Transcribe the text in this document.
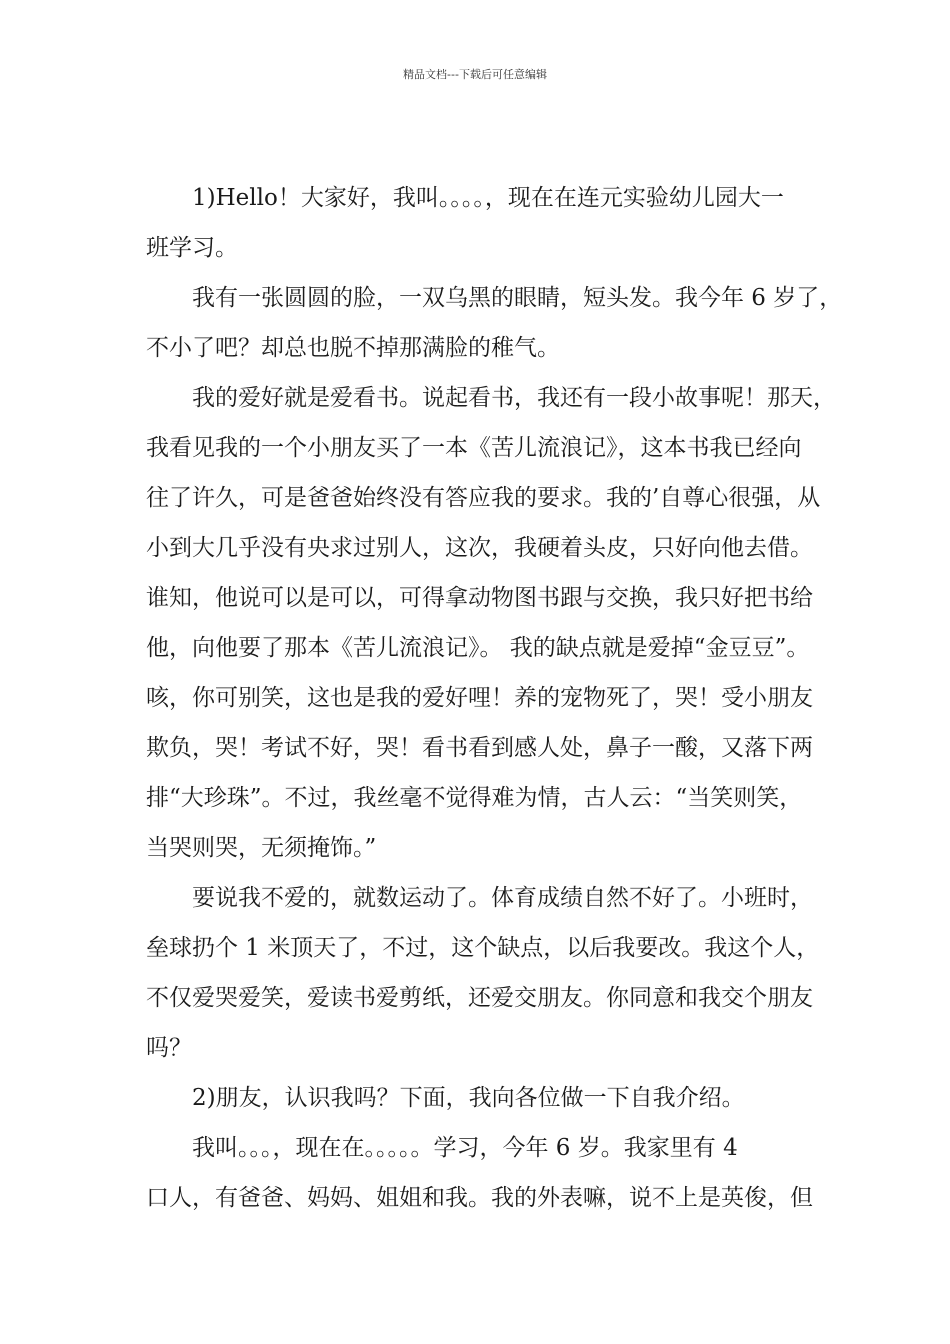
精品文档---下载后可任意编辑
1)Hello！大家好，我叫。。。。，现在在连元实验幼儿园大一
班学习。
我有一张圆圆的脸，一双乌黑的眼睛，短头发。我今年 6 岁了，
不小了吧？却总也脱不掉那满脸的稚气。
我的爱好就是爱看书。说起看书，我还有一段小故事呢！那天，
我看见我的一个小朋友买了一本《苦儿流浪记》，这本书我已经向
往了许久，可是爸爸始终没有答应我的要求。我的’自尊心很强，从
小到大几乎没有央求过别人，这次，我硬着头皮，只好向他去借。
谁知，他说可以是可以，可得拿动物图书跟与交换，我只好把书给
他，向他要了那本《苦儿流浪记》。 我的缺点就是爱掉“金豆豆”。
咳，你可别笑，这也是我的爱好哩！养的宠物死了，哭！受小朋友
欺负，哭！考试不好，哭！看书看到感人处，鼻子一酸，又落下两
排“大珍珠”。不过，我丝毫不觉得难为情，古人云：“当笑则笑，
当哭则哭，无须掩饰。”
要说我不爱的，就数运动了。体育成绩自然不好了。小班时，
垒球扔个 1 米顶天了，不过，这个缺点，以后我要改。我这个人，
不仅爱哭爱笑，爱读书爱剪纸，还爱交朋友。你同意和我交个朋友
吗？
2)朋友，认识我吗？下面，我向各位做一下自我介绍。
我叫。。。，现在在。。。。。学习，今年 6 岁。我家里有 4
口人，有爸爸、妈妈、姐姐和我。我的外表嘛，说不上是英俊，但
